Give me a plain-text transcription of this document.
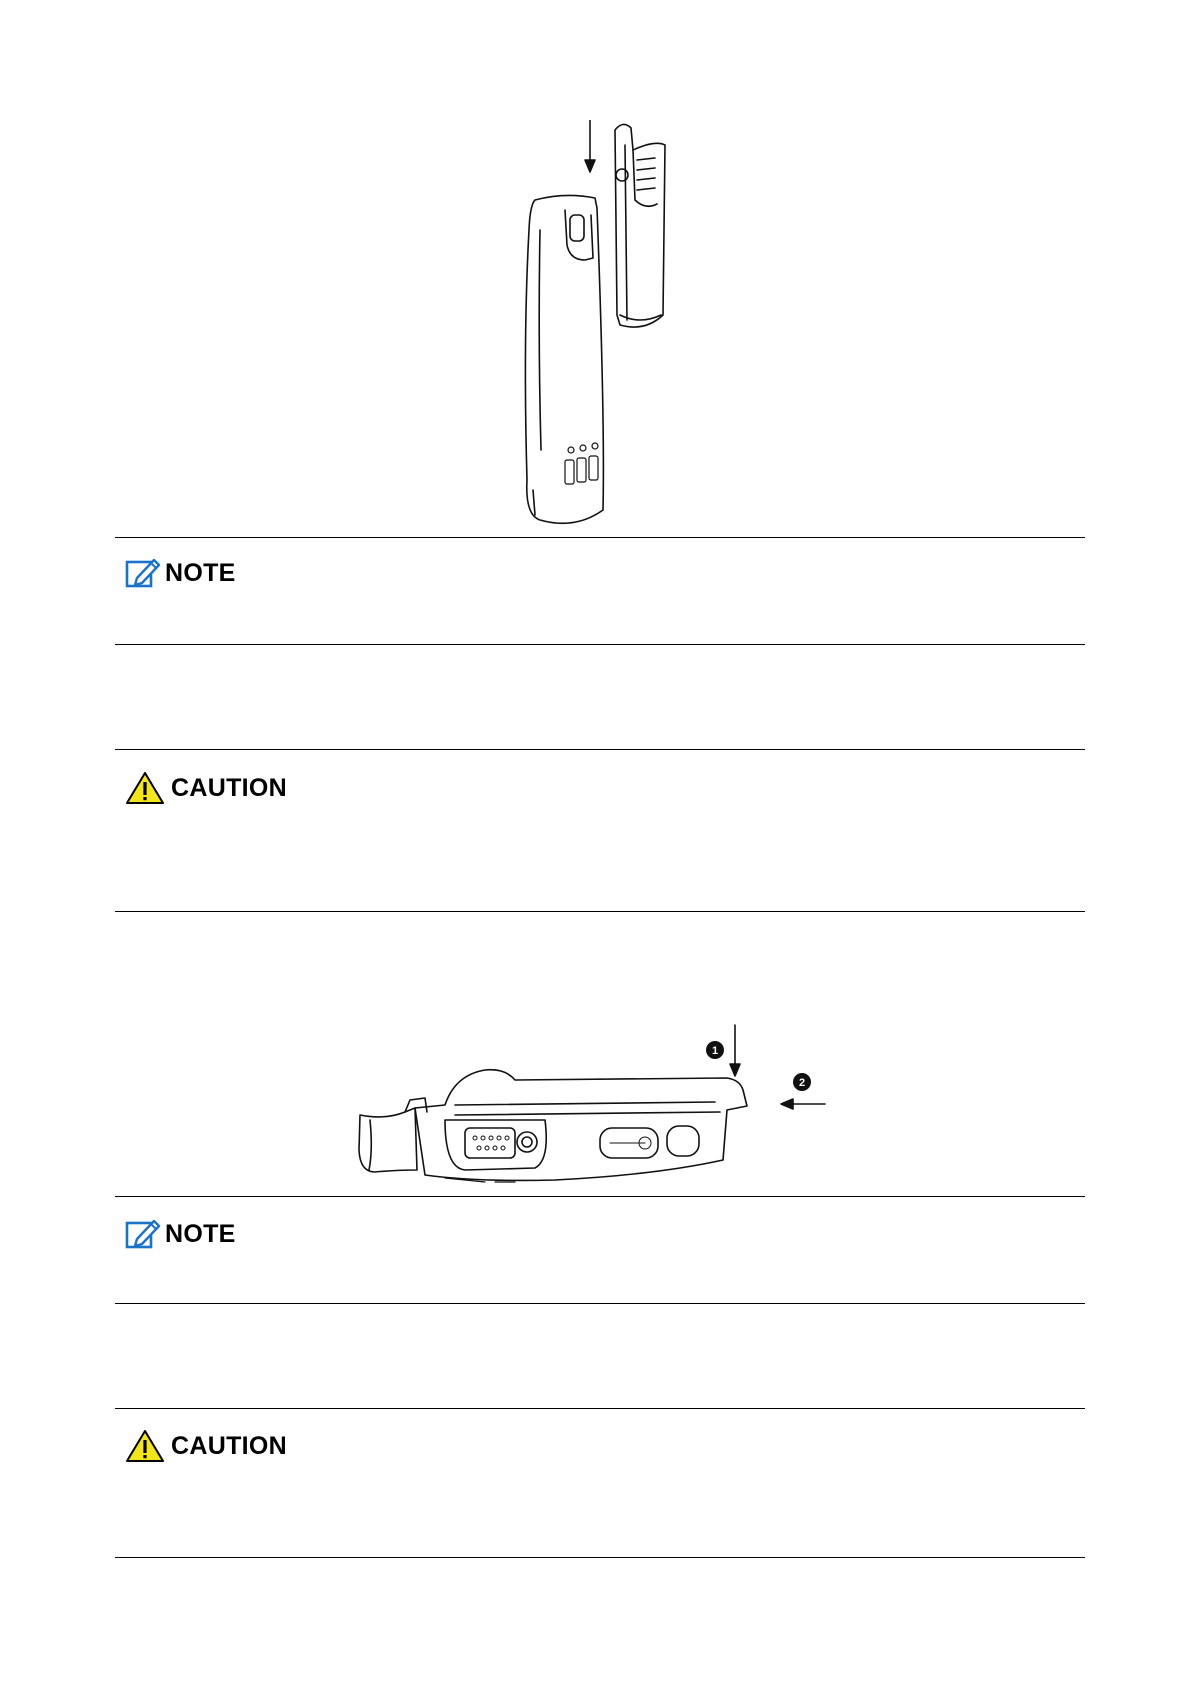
NOTE
CAUTION
1
2
NOTE
CAUTION
